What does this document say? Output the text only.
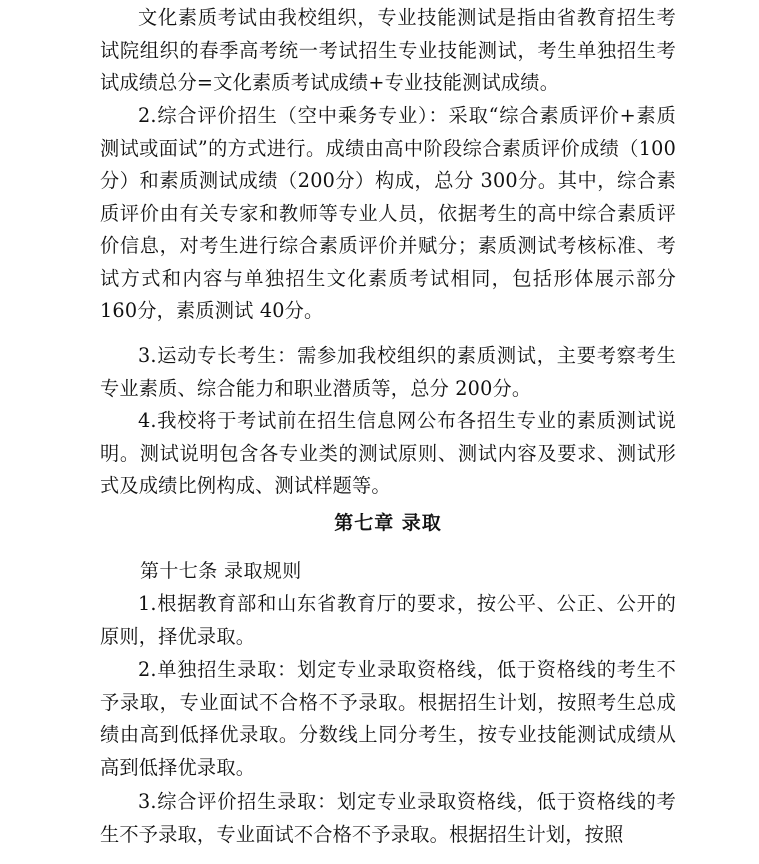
文化素质考试由我校组织，专业技能测试是指由省教育招生考试院组织的春季高考统一考试招生专业技能测试，考生单独招生考试成绩总分=文化素质考试成绩+专业技能测试成绩。

2.综合评价招生（空中乘务专业）：采取“综合素质评价+素质测试或面试”的方式进行。成绩由高中阶段综合素质评价成绩（100分）和素质测试成绩（200分）构成，总分 300分。其中，综合素质评价由有关专家和教师等专业人员，依据考生的高中综合素质评价信息，对考生进行综合素质评价并赋分；素质测试考核标准、考试方式和内容与单独招生文化素质考试相同，包括形体展示部分 160分，素质测试 40分。

3.运动专长考生：需参加我校组织的素质测试，主要考察考生专业素质、综合能力和职业潜质等，总分 200分。

4.我校将于考试前在招生信息网公布各招生专业的素质测试说明。测试说明包含各专业类的测试原则、测试内容及要求、测试形式及成绩比例构成、测试样题等。

第七章 录取

第十七条 录取规则

1.根据教育部和山东省教育厅的要求，按公平、公正、公开的原则，择优录取。

2.单独招生录取：划定专业录取资格线，低于资格线的考生不予录取，专业面试不合格不予录取。根据招生计划，按照考生总成绩由高到低择优录取。分数线上同分考生，按专业技能测试成绩从高到低择优录取。

3.综合评价招生录取：划定专业录取资格线，低于资格线的考生不予录取，专业面试不合格不予录取。根据招生计划，按照
